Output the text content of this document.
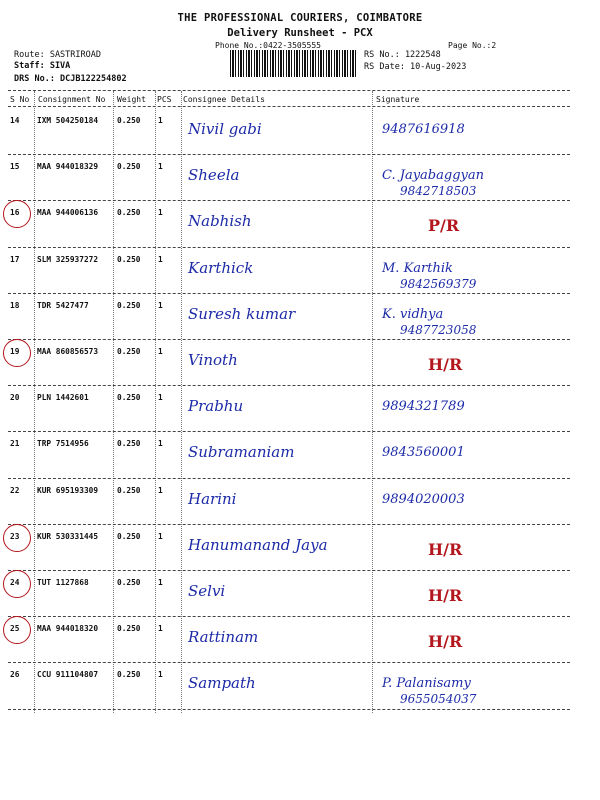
THE PROFESSIONAL COURIERS, COIMBATORE
Delivery Runsheet - PCX
Phone No.:0422-3505555	Page No.:2
Route: SASTRIROAD
Staff: SIVA
DRS No.: DCJB122254802
RS No.: 1222548
RS Date: 10-Aug-2023
S No Consignment No Weight PCS Consignee Details	Signature
14 IXM 504250184 0.250 1 Nivil gabi	9487616918
15 MAA 944018329 0.250 1 Sheela	C. Jayabaggyan
9842718503
16 MAA 944006136 0.250 1 Nabhish	P/R
17 SLM 325937272 0.250 1 Karthick	M. Karthik
9842569379
18 TDR 5427477	0.250 1 Suresh kumar	K. vidhya
9487723058
19 MAA 860856573 0.250 1 Vinoth	H/R
20 PLN 1442601	0.250 1 Prabhu	9894321789
21 TRP 7514956	0.250 1 Subramaniam	9843560001
22 KUR 695193309 0.250 1 Harini	9894020003
23 KUR 530331445 0.250 1 Hanumanand Jaya	H/R
24 TUT 1127868	0.250 1 Selvi	H/R
25 MAA 944018320 0.250 1 Rattinam	H/R
26 CCU 911104807 0.250 1 Sampath	P. Palanisamy
9655054037
